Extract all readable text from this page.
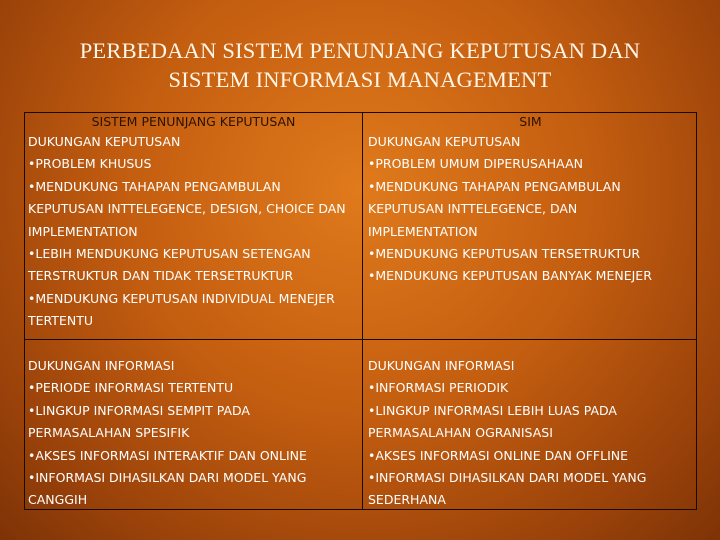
PERBEDAAN SISTEM PENUNJANG KEPUTUSAN DAN
SISTEM INFORMASI MANAGEMENT
SISTEM PENUNJANG KEPUTUSAN	SIM
DUKUNGAN KEPUTUSAN
•PROBLEM KHUSUS
•MENDUKUNG TAHAPAN PENGAMBULAN
KEPUTUSAN INTTELEGENCE, DESIGN, CHOICE DAN
IMPLEMENTATION
•LEBIH MENDUKUNG KEPUTUSAN SETENGAN
TERSTRUKTUR DAN TIDAK TERSETRUKTUR
•MENDUKUNG KEPUTUSAN INDIVIDUAL MENEJER
TERTENTU
DUKUNGAN KEPUTUSAN
•PROBLEM UMUM DIPERUSAHAAN
•MENDUKUNG TAHAPAN PENGAMBULAN
KEPUTUSAN INTTELEGENCE, DAN
IMPLEMENTATION
•MENDUKUNG KEPUTUSAN TERSETRUKTUR
•MENDUKUNG KEPUTUSAN BANYAK MENEJER
DUKUNGAN INFORMASI
•PERIODE INFORMASI TERTENTU
•LINGKUP INFORMASI SEMPIT PADA
PERMASALAHAN SPESIFIK
•AKSES INFORMASI INTERAKTIF DAN ONLINE
•INFORMASI DIHASILKAN DARI MODEL YANG
CANGGIH
DUKUNGAN INFORMASI
•INFORMASI PERIODIK
•LINGKUP INFORMASI LEBIH LUAS PADA
PERMASALAHAN OGRANISASI
•AKSES INFORMASI ONLINE DAN OFFLINE
•INFORMASI DIHASILKAN DARI MODEL YANG
SEDERHANA
